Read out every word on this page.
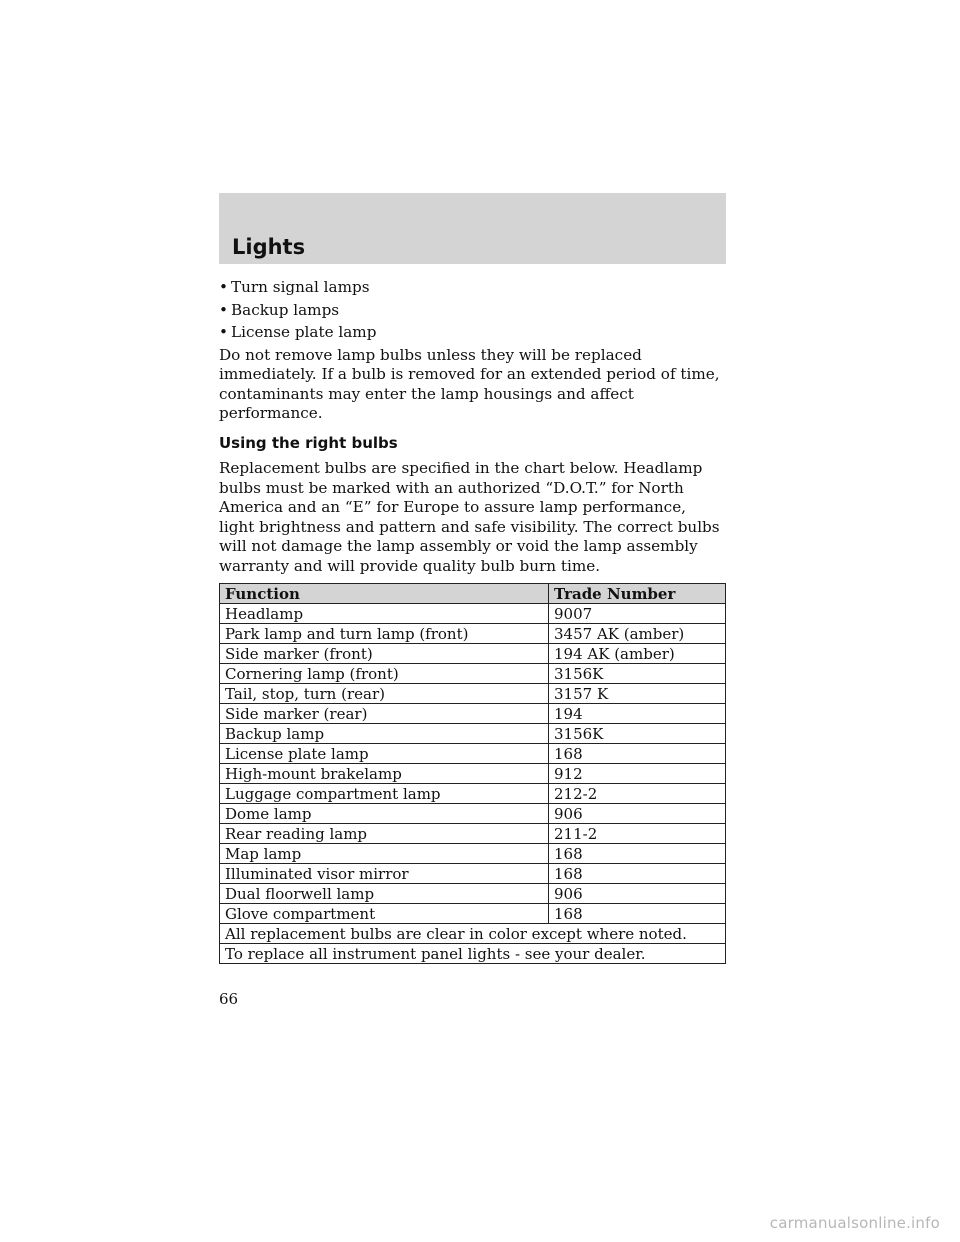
Lights
• Turn signal lamps
• Backup lamps
• License plate lamp

Do not remove lamp bulbs unless they will be replaced immediately. If a bulb is removed for an extended period of time, contaminants may enter the lamp housings and affect performance.

Using the right bulbs

Replacement bulbs are specified in the chart below. Headlamp bulbs must be marked with an authorized “D.O.T.” for North America and an “E” for Europe to assure lamp performance, light brightness and pattern and safe visibility. The correct bulbs will not damage the lamp assembly or void the lamp assembly warranty and will provide quality bulb burn time.

Function	Trade Number
Headlamp	9007
Park lamp and turn lamp (front)	3457 AK (amber)
Side marker (front)	194 AK (amber)
Cornering lamp (front)	3156K
Tail, stop, turn (rear)	3157 K
Side marker (rear)	194
Backup lamp	3156K
License plate lamp	168
High-mount brakelamp	912
Luggage compartment lamp	212-2
Dome lamp	906
Rear reading lamp	211-2
Map lamp	168
Illuminated visor mirror	168
Dual floorwell lamp	906
Glove compartment	168
All replacement bulbs are clear in color except where noted.	
To replace all instrument panel lights - see your dealer.	
66
carmanualsonline.info
